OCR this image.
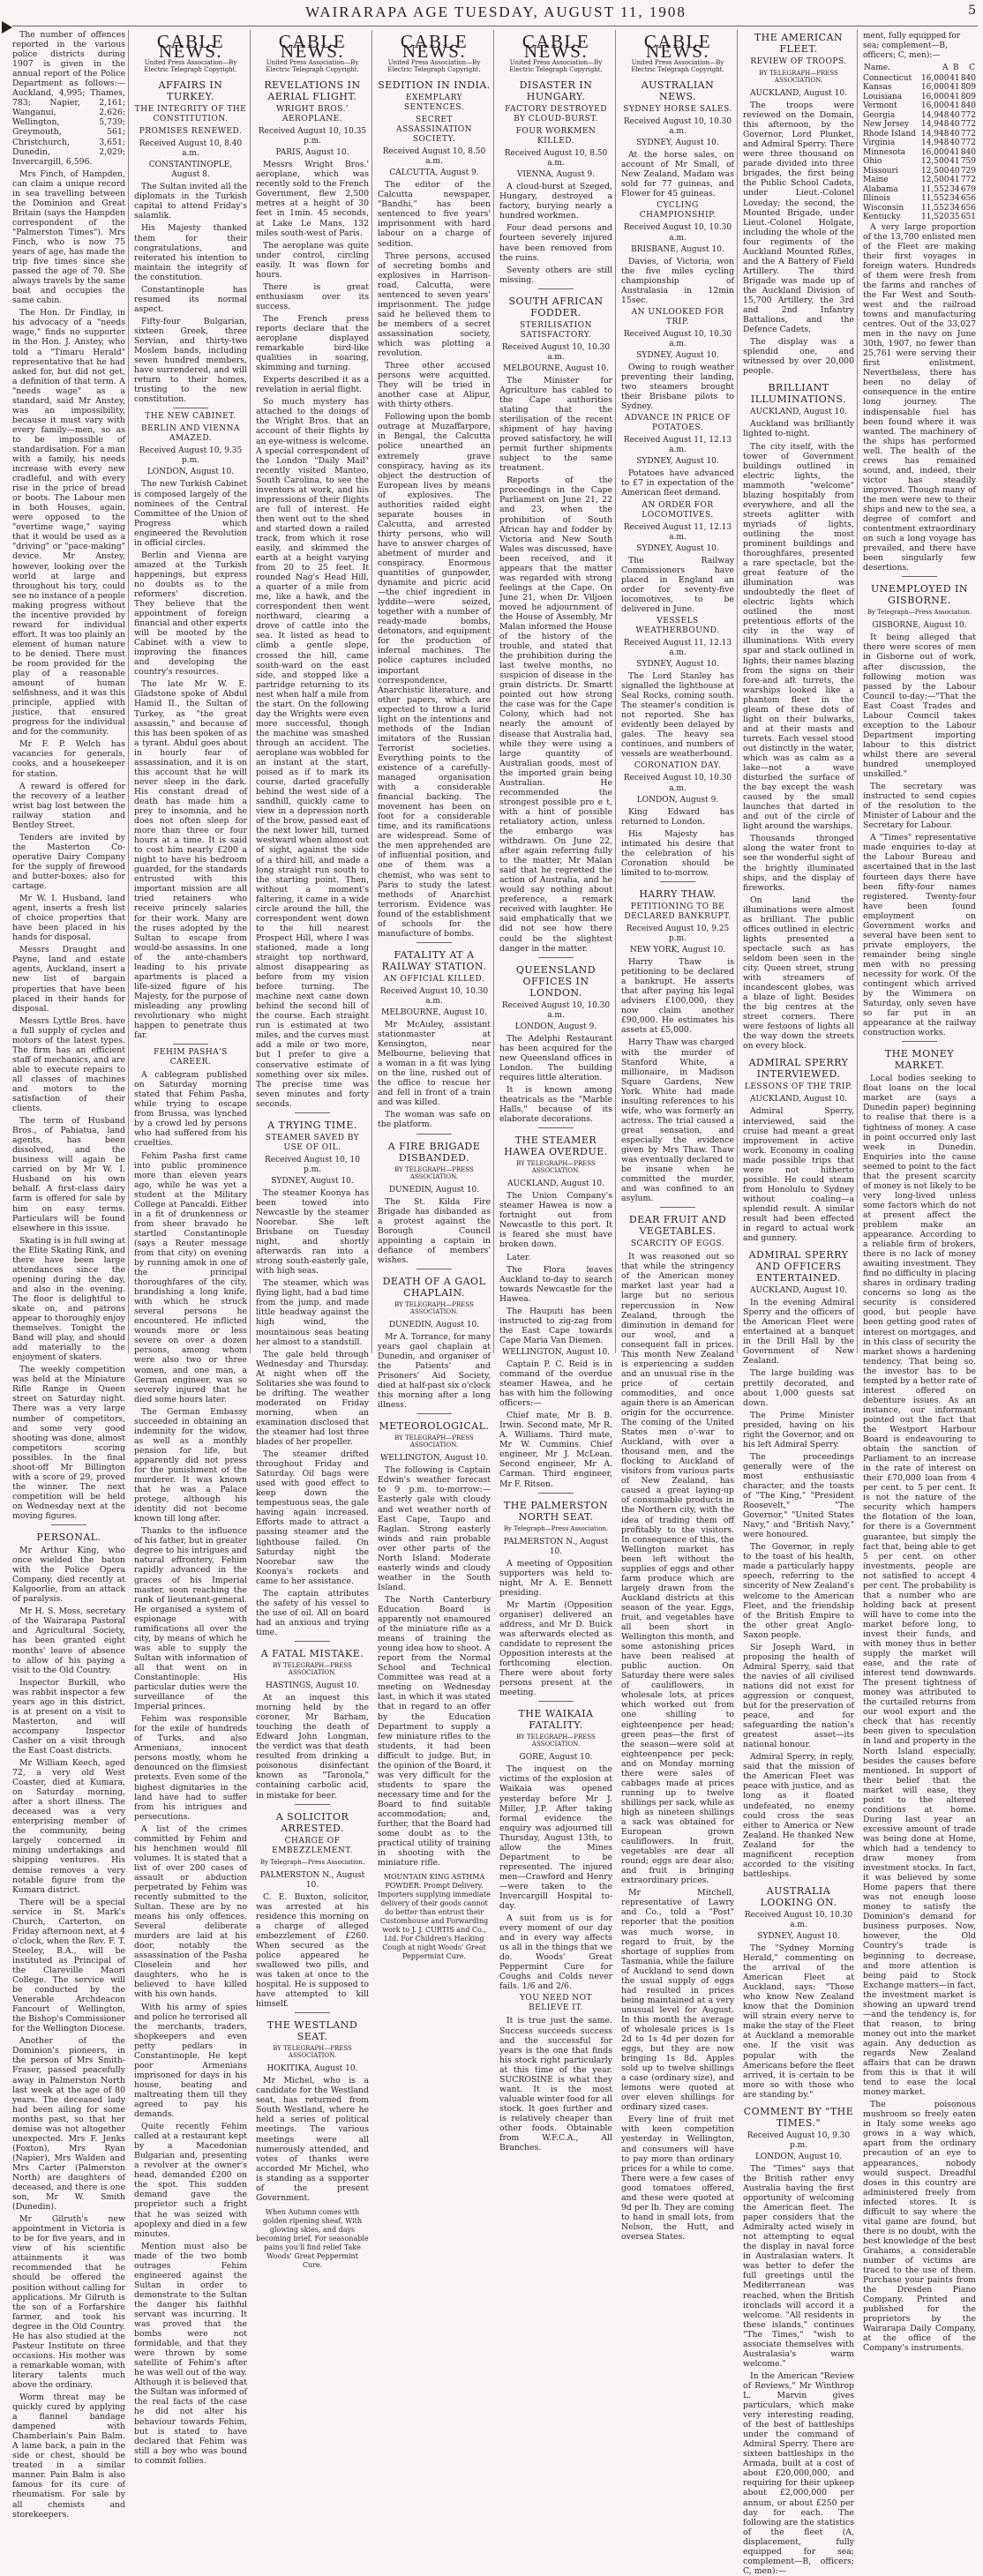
WAIRARAPA AGE TUESDAY, AUGUST 11, 1908	5

The number of offences reported in the various police districts during 1907 is given in the annual report of the Police Department as follows:—Auckland, 4,995; Thames, 783; Napier, 2,161; Wanganui, 2,626; Wellington, 5,739; Greymouth, 561; Christchurch, 3,651; Dunedin, 2,029; Invercargill, 6,596.

Mrs Finch, of Hampden, can claim a unique record in sea travelling between the Dominion and Great Britain (says the Hampden correspondent of the "Palmerston Times"). Mrs Finch, who is now 75 years of age, has made the trip five times since she passed the age of 70. She always travels by the same boat and occupies the same cabin.

The Hon. Dr Findlay, in his advocacy of a "needs wage," finds no supporter in the Hon. J. Anstey, who told a "Timaru Herald" representative that he had asked for, but did not get, a definition of that term. A "needs wage" as a standard, said Mr Anstey, was an impossibility, because it must vary with every family—men, so as to be impossible of standardisation. For a man with a family, his needs increase with every new cradleful, and with every rise in the price of bread or boots. The Labour men in both Houses, again, were opposed to the "overtime wage," saying that it would be used as a "driving" or "pace-making" device. Mr Anstey, however, looking over the world at large and throughout his tory, could see no instance of a people making progress without the incentive provided by reward for individual effort. It was too plainly an element of human nature to be denied. There must be room provided for the play of a reasonable amount of human selfishness, and it was this principle, applied with justice, that ensured progress for the individual and for the community.

Mr F. P. Welch has vacancies for generals, cooks, and a housekeeper for station.

A reward is offered for the recovery of a leather wrist bag lost between the railway station and Bentley Street.

Tenders are invited by the Masterton Co-operative Dairy Company for the supply of firewood and butter-boxes; also for cartage.

Mr W. I. Husband, land agent, inserts a fresh list of choice properties that have been placed in his hands for disposal.

Messrs Draught and Payne, land and estate agents, Auckland, insert a new list of bargain properties that have been placed in their hands for disposal.

Messrs Lyttle Bros. have a full supply of cycles and motors of the latest types. The firm has an efficient staff of mechanics, and are able to execute repairs to all classes of machines and motors to the satisfaction of their clients.

The term of Husband Bros., of Pahiatua, land agents, has been dissolved, and the business will again be carried on by Mr W. I. Husband on his own behalf. A first-class dairy farm is offered for sale by him on easy terms. Particulars will be found elsewhere in this issue.

Skating is in full swing at the Elite Skating Rink, and there have been large attendances since the opening during the day, and also in the evening. The floor is delightful to skate on, and patrons appear to thoroughly enjoy themselves. Tonight the Band will play, and should add materially to the enjoyment of skaters.

The weekly competition was held at the Miniature Rifle Range in Queen street on Saturday night. There was a very large number of competitors, and some very good shooting was done, almost competitors scoring possibles. In the final shoot-off Mr Billington with a score of 29, proved the winner. The next competition will be held on Wednesday next at the moving figures.

PERSONAL.

Mr Arthur King, who once wielded the baton with the Police Opera Company, died recently at Kalgoorlie, from an attack of paralysis.

Mr H. S. Moss, secretary of the Wairarapa Pastoral and Agricultural Society, has been granted eight months' leave of absence to allow of his paying a visit to the Old Country.

Inspector Burkill, who was rabbit inspector a few years ago in this district, is at present on a visit to Masterton, and will accompany Inspector Casher on a visit through the East Coast districts.

Mr William Keech, aged 72, a very old West Coaster, died at Kumara, on Saturday morning, after a short illness. The deceased was a very enterprising member of the community, being largely concerned in mining undertakings and shipping ventures. His demise removes a very notable figure from the Kumara district.

There will be a special service in St. Mark's Church, Carterton, on Friday afternoon next, at 4 o'clock, when the Rev. F. T. Steeley, B.A., will be instituted as Principal of the Clareville Maori College. The service will be conducted by the Venerable Archdeacon Fancourt of Wellington, the Bishop's Commissioner for the Wellington Diocese.

Another of the Dominion's pioneers, in the person of Mrs Smith-Fraser, passed peacefully away in Palmerston North last week at the age of 80 years. The deceased lady had been ailing for some months past, so that her demise was not altogether unexpected. Mrs F. Jenks (Foxton), Mrs Ryan (Napier), Mrs Walden and Mrs Carter (Palmerston North) are daughters of deceased, and there is one son, Mr W. Smith (Dunedin).

Mr Gilruth's new appointment in Victoria is to be for five years, and in view of his scientific attainments it was recommended that he should be offered the position without calling for applications. Mr Gilruth is the son of a Forfarshire farmer, and took his degree in the Old Country. He has also studied at the Pasteur Institute on three occasions. His mother was a remarkable woman, with literary talents much above the ordinary.

Worm threat may be quickly cured by applying a flannel bandage dampened with Chamberlain's Pain Balm. A lame back, a pain in the side or chest, should be treated in a similar manner. Pain Balm is also famous for its cure of rheumatism. For sale by all chemists and storekeepers.

CABLE NEWS.
United Press Association—By Electric Telegraph Copyright.
AFFAIRS IN TURKEY.
THE INTEGRITY OF THE CONSTITUTION.
PROMISES RENEWED.
Received August 10, 8.40 a.m.
CONSTANTINOPLE, August 8.

The Sultan invited all the diplomats in the Turkish capital to attend Friday's salamlik.

His Majesty thanked them for their congratulations, and reiterated his intention to maintain the integrity of the constitution.

Constantinople has resumed its normal aspect.

Fifty-four Bulgarian, sixteen Greek, three Servian, and thirty-two Moslem bands, including seven hundred members, have surrendered, and will return to their homes, trusting to the new constitution.

THE NEW CABINET.
BERLIN AND VIENNA AMAZED.
Received August 10, 9.35 p.m.
LONDON, August 10.

The new Turkish Cabinet is composed largely of the nominees of the Central Committee of the Union of Progress which engineered the Revolution in official circles.

Berlin and Vienna are amazed at the Turkish happenings, but express no doubts as to the reformers' discretion. They believe that the appointment of foreign financial and other experts will be mooted by the Cabinet with a view to improving the finances and developing the country's resources.

The late Mr W. E. Gladstone spoke of Abdul Hamid II., the Sultan of Turkey, as "the great assassin," and because of this has been spoken of as a tyrant. Abdul goes about in hourly fear of assassination, and it is on this account that he will never sleep in the dark. His constant dread of death has made him a prey to insomnia, and he does not often sleep for more than three or four hours at a time. It is said to cost him nearly £200 a night to have his bedroom guarded, for the standards entrusted with this important mission are all tried retainers who receive princely salaries for their work. Many are the ruses adopted by the Sultan to escape from would-be assassins. In one of the ante-chambers leading to his private apartments is placed a life-sized figure of his Majesty, for the purpose of misleading any prowling revolutionary who might happen to penetrate thus far.

FEHIM PASHA'S CAREER.

A cablegram published on Saturday morning stated that Fehim Pasha, while trying to escape from Brussa, was lynched by a crowd led by persons who had suffered from his cruelties.

Fehim Pasha first came into public prominence more than eleven years ago, while he was yet a student at the Military College at Pancaldi. Either in a fit of drunkenness or from sheer bravado he startled Constantinople (says a Reuter message from that city) on evening by running amok in one of the principal thoroughfares of the city, brandishing a long knife, with which he struck several persons he encountered. He inflicted wounds more or less severe on over a dozen persons, among whom were also two or three women, and one man, a German engineer, was so severely injured that he died some hours later.

The German Embassy succeeded in obtaining an indemnity for the widow, as well as a monthly pension for life, but apparently did not press for the punishment of the murderer. It was known that he was a Palace protege, although his identity did not become known till long after.

Thanks to the influence of his father, but in greater degree to his intrigues and natural effrontery, Fehim rapidly advanced in the graces of his Imperial master, soon reaching the rank of lieutenant-general. He organised a system of espionage with ramifications all over the city, by means of which he was able to supply the Sultan with information of all that went on in Constantinople. His particular duties were the surveillance of the Imperial princes.

Fehim was responsible for the exile of hundreds of Turks, and also Armenians, innocent persons mostly, whom he denounced on the flimsiest pretexts. Even some of the highest dignitaries in the land have had to suffer from his intrigues and persecutions.

A list of the crimes committed by Fehim and his henchmen would fill volumes. It is stated that a list of over 200 cases of assault or abduction perpetrated by Fehim was recently submitted to the Sultan. These are by no means his only offences. Several deliberate murders are laid at his door, notably the assassination of the Pasha Closelein and her daughters, who he is believed to have killed with his own hands.

With his army of spies and police he terrorised all the merchants, traders, shopkeepers and even petty pedlars in Constantinople. He kept poor Armenians imprisoned for days in his house, beating and maltreating them till they agreed to pay his demands.

Quite recently Fehim called at a restaurant kept by a Macedonian Bulgarian and, presenting a revolver at the owner's head, demanded £200 on the spot. This sudden demand gave the proprietor such a fright that he was seized with apoplexy and died in a few minutes.

Mention must also be made of the two bomb outrages Fehim engineered against the Sultan in order to demonstrate to the Sultan the danger his faithful servant was incurring. It was proved that the bombs were not formidable, and that they were thrown by some satellite of Fehim's after he was well out of the way. Although it is believed that the Sultan was informed of the real facts of the case he did not alter his behaviour towards Fehim, but is stated to have declared that Fehim was still a boy who was bound to commit follies.

CABLE NEWS.
United Press Association—By Electric Telegraph Copyright.
REVELATIONS IN AERIAL FLIGHT.
WRIGHT BROS.' AEROPLANE.
Received August 10, 10.35 p.m.
PARIS, August 10.

Messrs Wright Bros.' aeroplane, which was recently sold to the French Government, flew 2,500 metres at a height of 30 feet in 1min. 45 seconds, at Lake Le Mans, 132 miles south-west of Paris.

The aeroplane was quite under control, circling easily. It was flown for hours.

There is great enthusiasm over its success.

The French press reports declare that the aeroplane displayed remarkable bird-like qualities in soaring, skimming and turning.

Experts described it as a revelation in aerial flight.

So much mystery has attached to the doings of the Wright Bros. that an account of their flights by an eye-witness is welcome. A special correspondent of the London "Daily Mail" recently visited Manteo, South Carolina, to see the inventors at work, and his impressions of their flights are full of interest. He then went out to the shed and started down a railed track, from which it rose easily, and skimmed the earth at a height varying from 20 to 25 feet. It rounded Nag's Head Hill, a quarter of a mile from me, like a hawk, and the correspondent then went northward, clearing a drove of cattle into the sea. It listed as head to climb a gentle slope, crossed the hill, came south-ward on the east side, and stopped like a partridge returning to its nest when half a mile from the start. On the following day the Wrights were even more successful, though the machine was smashed through an accident. The aeroplane was wobbled for an instant at the start, poised as if to mark its course, darted gracefully behind the west side of a sandhill, quickly came to view in a depression north of the brow, passed east of the next lower hill, turned westward when almost out of sight, against the side of a third hill, and made a long straight run south to the starting point. Then, without a moment's faltering, it came in a wide circle around the hill, the correspondent went down to the hill nearest Prospect Hill, where I was stationed, made a long straight top northward, almost disappearing as before from my vision before turning. The machine next came down behind the second hill of the course. Each straight run is estimated at two miles, and the curves must add a mile or two more, but I prefer to give a conservative estimate of something over six miles. The precise time was seven minutes and forty seconds.

A TRYING TIME.
STEAMER SAVED BY USE OF OIL.
Received August 10, 10 p.m.
SYDNEY, August 10.

The steamer Koonya has been towed into Newcastle by the steamer Noorebar. She left Brisbane on Tuesday night, and shortly afterwards ran into a strong south-easterly gale, with high seas.

The steamer, which was flying light, had a bad time from the jump, and made little headway against the high wind, the mountainous seas beating her almost to a standstill.

The gale held through Wednesday and Thursday. At night when off the Solitaries she was found to be drifting. The weather moderated on Friday morning, when an examination disclosed that the steamer had lost three blades of her propeller.

The steamer drifted throughout Friday and Saturday. Oil bags were used with good effect to keep down the tempestuous seas, the gale having again increased. Efforts made to attract a passing steamer and the lighthouse failed. On Saturday night the Noorebar saw the Koonya's rockets and came to her assistance.

The captain attributes the safety of his vessel to the use of oil. All on board had an anxious and trying time.

A FATAL MISTAKE.
BY TELEGRAPH—PRESS ASSOCIATION.
HASTINGS, August 10.

At an inquest this morning held by the coroner, Mr Barham, touching the death of Edward John Longman, the verdict was that death resulted from drinking a poisonous disinfectant known as "Taronola," containing carbolic acid, in mistake for beer.

A SOLICITOR ARRESTED.
CHARGE OF EMBEZZLEMENT.
By Telegraph—Press Association.
PALMERSTON N., August 10.

C. E. Buxton, solicitor, was arrested at his residence this morning on a charge of alleged embezzlement of £260. When secured as the police appeared he swallowed two pills, and was taken at once to the hospital. He is supposed to have attempted to kill himself.

THE WESTLAND SEAT.
BY TELEGRAPH—PRESS ASSOCIATION.
HOKITIKA, August 10.

Mr Michel, who is a candidate for the Westland seat, has returned from South Westland, where he held a series of political meetings. The various meetings were all numerously attended, and votes of thanks were accorded Mr Michel, who is standing as a supporter of the present Government.

When Autumn comes with golden ripening sheaf, With glowing skies, and days becoming brief, For seasonable pains you'll find relief Take Woods' Great Peppermint Cure.
CABLE NEWS.
United Press Association—By Electric Telegraph Copyright.
SEDITION IN INDIA.
EXEMPLARY SENTENCES.
SECRET ASSASSINATION SOCIETY.
Received August 10, 8.50 a.m.
CALCUTTA, August 9.

The editor of the Calcutta newspaper, "Bandhi," has been sentenced to five years' imprisonment with hard labour on a charge of sedition.

Three persons, accused of secreting bombs and explosives in Harrison-road, Calcutta, were sentenced to seven years' imprisonment. The judge said he believed them to be members of a secret assassination society, which was plotting a revolution.

Three other accused persons were acquitted. They will be tried in another case at Alipur, with thirty others.

Following upon the bomb outrage at Muzaffarpore, in Bengal, the Calcutta police unearthed an extremely grave conspiracy, having as its object the destruction of European lives by means of explosives. The authorities raided eight separate houses in Calcutta, and arrested thirty persons, who will have to answer charges of abetment of murder and conspiracy. Enormous quantities of gunpowder, dynamite and picric acid —the chief ingredient in lyddite—were seized, together with a number of ready-made bombs, detonators, and equipment for the production of infernal machines. The police captures included important correspondence, Anarchistic literature, and other papers, which are expected to throw a lurid light on the intentions and methods of the Indian imitators of the Russian Terrorist societies. Everything points to the existence of a carefully-managed organisation with a considerable financial backing. The movement has been on foot for a considerable time, and its ramifications are widespread. Some of the men apprehended are of influential position, and one of them was a chemist, who was sent to Paris to study the latest methods of Anarchist terrorism. Evidence was found of the establishment of schools for the manufacture of bombs.

FATALITY AT A RAILWAY STATION.
AN OFFICIAL KILLED.
Received August 10, 10.30 a.m.
MELBOURNE, August 10.

Mr McAuley, assistant stationmaster at Kensington, near Melbourne, believing that a woman in a fit was lying on the line, rushed out of the office to rescue her and fell in front of a train and was killed.

The woman was safe on the platform.

A FIRE BRIGADE DISBANDED.
BY TELEGRAPH—PRESS ASSOCIATION.
DUNEDIN, August 10.

The St. Kilda Fire Brigade has disbanded as a protest against the Borough Council appointing a captain in defiance of members' wishes.

DEATH OF A GAOL CHAPLAIN.
BY TELEGRAPH—PRESS ASSOCIATION.
DUNEDIN, August 10.

Mr A. Torrance, for many years gaol chaplain at Dunedin, and organiser of the Patients' and Prisoners' Aid Society, died at half-past six o'clock this morning after a long illness.

METEOROLOGICAL.
BY TELEGRAPH—PRESS ASSOCIATION.
WELLINGTON, August 10.

The following is Captain Edwin's weather forecast to 9 p.m. to-morrow:—Easterly gale with cloudy and wet weather north of East Cape, Taupo and Raglan. Strong easterly winds and rain probable over other parts of the North Island. Moderate easterly winds and cloudy weather in the South Island.

The North Canterbury Education Board is apparently not enamoured of the miniature rifle as a means of training the young idea how to shoot. A report from the Normal School and Technical Committee was read at a meeting on Wednesday last, in which it was stated that in regard to an offer by the Education Department to supply a few miniature rifles to the students, it had been difficult to judge. But, in the opinion of the Board, it was very difficult for the students to spare the necessary time and for the Board to find suitable accommodation; and, further, that the Board had some doubt as to the practical utility of training in shooting with the miniature rifle.

MOUNTAIN KING ASTHMA POWDER. Prompt Delivery. Importers supplying immediate delivery of their goods cannot do better than entrust their Customhouse and Forwarding work to J. J. CURTIS and Co., Ltd. For Children's Hacking Cough at night Woods' Great Peppermint Cure.
CABLE NEWS.
United Press Association—By Electric Telegraph Copyright.
DISASTER IN HUNGARY.
FACTORY DESTROYED BY CLOUD-BURST.
FOUR WORKMEN KILLED.
Received August 10, 8.50 a.m.
VIENNA, August 9.

A cloud-burst at Szeged, Hungary, destroyed a factory, burying nearly a hundred workmen.

Four dead persons and fourteen severely injured have been removed from the ruins.

Seventy others are still missing.

SOUTH AFRICAN FODDER.
STERILISATION SATISFACTORY.
Received August 10, 10.30 a.m.
MELBOURNE, August 10.

The Minister for Agriculture has cabled to the Cape authorities stating that the sterilisation of the recent shipment of hay having proved satisfactory, he will permit further shipments subject to the same treatment.

Reports of the proceedings in the Cape Parliament on June 21, 22 and 23, when the prohibition of South African hay and fodder by Victoria and New South Wales was discussed, have been received, and it appears that the matter was regarded with strong feelings at the Cape. On June 21, when Dr. Viljoen moved he adjournment of the House of Assembly, Mr Malan informed the House of the history of the trouble, and stated that the prohibition during the last twelve months, no suspicion of disease in the grain districts. Dr. Smartt pointed out how strong the case was for the Cape Colony, which had not nearly the amount of disease that Australia had, while they were using a large quantity of Australian goods, most of the imported grain being Australian. He recommended the strongest possible pro e t, with a hint of possible retaliatory action, unless the embargo was withdrawn. On June 22, after again referring fully to the matter, Mr Malan said that he regretted the action of Australia, and he would say nothing about preference, a remark received with laughter. He said emphatically that we did not see how there could be the slightest danger in the matter.

QUEENSLAND OFFICES IN LONDON.
Received August 10, 10.30 a.m.
LONDON, August 9.

The Adelphi Restaurant has been acquired for the new Queensland offices in London. The building requires little alteration.

It is known among theatricals as the "Marble Halls," because of its elaborate decorations.

THE STEAMER HAWEA OVERDUE.
BY TELEGRAPH—PRESS ASSOCIATION.
AUCKLAND, August 10.

The Union Company's steamer Hawea is now a fortnight out from Newcastle to this port. It is feared she must have broken down.

Later.

The Flora leaves Auckland to-day to search towards Newcastle for the Hawea.

The Hauputi has been instructed to zig-zag from the East Cape towards Cape Maria Van Diemen.

WELLINGTON, August 10.

Captain P. C. Reid is in command of the overdue steamer Hawea, and he has with him the following officers:—

Chief mate, Mr B. B. Irwin. Second mate, Mr R. A. Williams. Third mate, Mr W. Cummins. Chief engineer, Mr J. McLean. Second engineer, Mr A. Carman. Third engineer, Mr F. Ritson.

THE PALMERSTON NORTH SEAT.
By Telegraph—Press Association.
PALMERSTON N., August 10.

A meeting of Opposition supporters was held to-night, Mr A. E. Bennett presiding.

Mr Martin (Opposition organiser) delivered an address, and Mr D. Buick was afterwards elected as candidate to represent the Opposition interests at the forthcoming election. There were about forty persons present at the meeting.

THE WAIKAIA FATALITY.
BY TELEGRAPH—PRESS ASSOCIATION.
GORE, August 10.

The inquest on the victims of the explosion at Waikaia was opened yesterday before Mr J. Miller, J.P. After taking formal evidence the enquiry was adjourned till Thursday, August 13th, to allow the Mines Department to be represented. The injured men—Crawford and Henry—were taken to the Invercargill Hospital to-day.

A suit from us is for every moment of our day and in every way affects us all in the things that we do. Woods' Great Peppermint Cure for Coughs and Colds never fails. 1/6 and 2/6.

YOU NEED NOT BELIEVE IT.

It is true just the same. Success succeeds success and the successful for years is the one that finds his stock right particularly at this time of the year. SUCROSINE is what they want. It is the most valuable winter food for all stock. It goes further and is relatively cheaper than other foods. Obtainable from W.F.C.A., All Branches.

CABLE NEWS.
United Press Association—By Electric Telegraph Copyright.
AUSTRALIAN NEWS.
SYDNEY HORSE SALES.
Received August 10, 10.30 a.m.
SYDNEY, August 10.

At the horse sales, on account of Mr Small, of New Zealand, Madam was sold for 77 guineas, and Flower for 45 guineas.

CYCLING CHAMPIONSHIP.
Received August 10, 10.30 a.m.
BRISBANE, August 10.

Davies, of Victoria, won the five miles cycling championship of Australasia in 12min 15sec.

AN UNLOOKED FOR TRIP.
Received August 10, 10.30 a.m.
SYDNEY, August 10.

Owing to rough weather preventing their landing, two steamers brought their Brisbane pilots to Sydney.

ADVANCE IN PRICE OF POTATOES.
Received August 11, 12.13 a.m.
SYDNEY, August 10.

Potatoes have advanced to £7 in expectation of the American fleet demand.

AN ORDER FOR LOCOMOTIVES.
Received August 11, 12.13 a.m.
SYDNEY, August 10.

The Railway Commissioners have placed in England an order for seventy-five locomotives, to be delivered in June.

VESSELS WEATHERBOUND.
Received August 11, 12.13 a.m.
SYDNEY, August 10.

The Lord Stanley has signalled the lighthouse at Seal Rocks, coming south. The steamer's condition is not reported. She has evidently been delayed by gales. The heavy sea continues, and numbers of vessels are weatherbound.

CORONATION DAY.
Received August 10, 10.30 a.m.
LONDON, August 9.

King Edward has returned to London.

His Majesty has intimated his desire that the celebration of his Coronation should be limited to to-morrow.

HARRY THAW.
PETITIONING TO BE DECLARED BANKRUPT.
Received August 10, 9.25 p.m.
NEW YORK, August 10.

Harry Thaw is petitioning to be declared a bankrupt. He asserts that after paying his legal advisers £100,000, they now claim another £90,000. He estimates his assets at £5,000.

Harry Thaw was charged with the murder of Stanford White, a millionaire, in Madison Square Gardens, New York. White had made insulting references to his wife, who was formerly an actress. The trial caused a great sensation, and especially the evidence given by Mrs Thaw. Thaw was eventually declared to be insane when he committed the murder, and was confined to an asylum.

DEAR FRUIT AND VEGETABLES.
SCARCITY OF EGGS.

It was reasoned out so that while the stringency of the American money market last year had a large but no serious repercussion in New Zealand, through the diminution in demand for our wool, and a consequent fall in prices. This month New Zealand is experiencing a sudden and an unusual rise in the price of certain commodities, and once again there is an American origin for the occurrence. The coming of the United States men o'-war to Auckland, with over a thousand men, and the flocking to Auckland of visitors from various parts of New Zealand, has caused a great laying-up of consumable products in the Northern city, with the idea of trading them off profitably to the visitors. In consequence of this, the Wellington market has been left without the supplies of eggs and other farm produce which are largely drawn from the Auckland districts at this season of the year. Eggs, fruit, and vegetables have all been short in Wellington this month, and some astonishing prices have been realised at public auction. On Saturday there were sales of cauliflowers, in wholesale lots, at prices which worked out from one shilling to eighteenpence per head; green peas—the first of the season—were sold at eighteenpence per peck; and on Monday morning there were sales of cabbages made at prices running up to twelve shillings per sack, while as high as nineteen shillings a sack was obtained for European grown cauliflowers. In fruit, vegetables are dear all round; eggs are dear also; and fruit is bringing extraordinary prices.

Mr Mitchell, representative of Lawry and Co., told a "Post" reporter that the position was much worse, in regard to fruit, by the shortage of supplies from Tasmania, while the failure of Auckland to send down the usual supply of eggs had resulted in prices being maintained at a very unusual level for August. In this month the average of wholesale prices is 1s 2d to 1s 4d per dozen for eggs, but they are now bringing 1s 8d. Apples sold up to twelve shillings a case (ordinary size), and lemons were quoted at over eleven shillings for ordinary sized cases.

Every line of fruit met with keen competition yesterday in Wellington, and consumers will have to pay more than ordinary prices for a while to come. There were a few cases of good tomatoes offered, and these were quoted at 9d per lb. They are coming to hand in small lots, from Nelson, the Hutt, and oversea States.

THE AMERICAN FLEET.
REVIEW OF TROOPS.
BY TELEGRAPH—PRESS ASSOCIATION.
AUCKLAND, August 10.

The troops were reviewed on the Domain, this afternoon, by the Governor, Lord Plunket, and Admiral Sperry. There were three thousand on parade divided into three brigades, the first being the Public School Cadets, under Lieut.-Colonel Loveday; the second, the Mounted Brigade, under Lieut.-Colonel Holgate, including the whole of the four regiments of the Auckland Mounted Rifles, and the A Battery of Field Artillery. The third Brigade was made up of the Auckland Division of 15,700 Artillery, the 3rd and 2nd Infantry Battalions, and the Defence Cadets.

The display was a splendid one, and witnessed by over 20,000 people.

BRILLIANT ILLUMINATIONS.
AUCKLAND, August 10.

Auckland was brilliantly lighted to-night.

The city itself, with the tower of Government buildings outlined in electric lights, the mammoth "welcome" blazing hospitably from everywhere, and all the streets aglitter with myriads of lights, outlining the most prominent buildings and thoroughfares, presented a rare spectacle, but the great feature of the illumination was undoubtedly the fleet of electric lights which outlined the most pretentious efforts of the city in the way of illuminations. With every spar and stack outlined in lights, their names blazing from the signs on their fore-and aft turrets, the warships looked like a phantom fleet in the gleam of these dots of light on their bulwarks, and at their masts and turrets. Each vessel stood out distinctly in the water, which was as calm as a lake—not a wave disturbed the surface of the bay except the wash caused by the small launches that darted in and out of the circle of light around the warships.

Thousands thronged along the water front to see the wonderful sight of the brightly illuminated ships, and the display of fireworks.

On land the illuminations were almost as brilliant. The public offices outlined in electric lights presented a spectacle such as has seldom been seen in the city. Queen street, strung with streamers of incandescent globes, was a blaze of light. Besides the big centres at the street corners. There were festoons of lights all the way down the streets on every block.

ADMIRAL SPERRY INTERVIEWED.
LESSONS OF THE TRIP.
AUCKLAND, August 10.

Admiral Sperry, interviewed, said the cruise had meant a great improvement in active work. Economy in coaling made possible trips that were not hitherto possible. He could steam from Honolulu to Sydney without coaling—a splendid result. A similar result had been effected in regard to actual work and gunnery.

ADMIRAL SPERRY AND OFFICERS ENTERTAINED.
AUCKLAND, August 10.

In the evening Admiral Sperry and the officers of the American Fleet were entertained at a banquet in the Drill Hall by the Government of New Zealand.

The large building was prettily decorated, and about 1,000 guests sat down.

The Prime Minister presided, having on his right the Governor, and on his left Admiral Sperry.

The proceedings generally were of the most enthusiastic character, and the toasts of "The King," "President Roosevelt," "The Governor," "United States Navy," and "British Navy," were honoured.

The Governor, in reply to the toast of his health, made a particularly happy speech, referring to the sincerity of New Zealand's welcome to the American Fleet, and the friendship of the British Empire to the other great Anglo-Saxon people.

Sir Joseph Ward, in proposing the health of Admiral Sperry, said that the navies of all civilised nations did not exist for aggression or conquest, but for the preservation of peace, and for safeguarding the nation's greatest asset—its national honour.

Admiral Sperry, in reply, said that the mission of the American Fleet was peace with justice, and as long as it floated undefeated, no enemy could cross the seas either to America or New Zealand. He thanked New Zealand for the magnificent reception accorded to the visiting battleships.

AUSTRALIA LOOKING ON.
Received August 10, 10.30 a.m.
SYDNEY, August 10.

The "Sydney Morning Herald," commenting on the arrival of the American Fleet at Auckland, says: "Those who know New Zealand know that the Dominion will strain every nerve to make the stay of the Fleet at Auckland a memorable one. If the visit was popular with the Americans before the fleet arrived, it is certain to be more so with those who are standing by."

COMMENT BY "THE TIMES."
Received August 10, 9.30 p.m.
LONDON, August 10.

The "Times" says that the British rather envy Australia having the first opportunity of welcoming the American fleet. The paper considers that the Admiralty acted wisely in not attempting to equal the display in naval force in Australasian waters. It was better to defer the full greetings until the Mediterranean was reached, when the British ironclads will accord it a welcome. "All residents in these islands," continues "The Times," "wish to associate themselves with Australasia's warm welcome."

In the American "Review of Reviews," Mr Winthrop L. Marvin gives particulars, which make very interesting reading, of the best of battleships under the command of Admiral Sperry. There are sixteen battleships in the Armada, built at a cost of about £20,000,000, and requiring for their upkeep about £2,000,000 per annum, or about £250 per day for each. The following are the statistics of the fleet (A, displacement, fully equipped for sea; complement—B, officers; C, men):—

ment, fully equipped for sea; complement—B, officers; C, men):—
Name.	A	B	C
Connecticut	16,000	41	840
Kansas	16,000	41	809
Louisiana	16,000	41	809
Vermont	16,000	41	840
Georgia	14,948	40	772
New Jersey	14,948	40	772
Rhode Island	14,948	40	772
Virginia	14,948	40	772
Minnesota	16,000	41	840
Ohio	12,500	41	759
Missouri	12,500	40	729
Maine	12,500	41	772
Alabama	11,552	34	679
Illinois	11,552	34	656
Wisconsin	11,552	34	656
Kentucky	11,520	35	651

A very large proportion of the 13,700 enlisted men of the Fleet are making their first voyages in foreign waters. Hundreds of them were fresh from the farms and ranches of the Far West and South-west and the railroad towns and manufacturing centres. Out of the 33,027 men in the navy on June 30th, 1907, no fewer than 25,761 were serving their first enlistment. Nevertheless, there has been no delay of consequence in the entire long journey. The indispensable fuel has been found where it was wanted. The machinery of the ships has performed well. The health of the crews has remained sound, and, indeed, their victor has steadily improved. Though many of the men were new to their ships and new to the sea, a degree of comfort and contentment extraordinary on such a long voyage has prevailed, and there have been singularly few desertions.

UNEMPLOYED IN GISBORNE.
By Telegraph—Press Association.
GISBORNE, August 10.

It being alleged that there were scores of men in Gisborne out of work, after discussion, the following motion was passed by the Labour Council to-day:—"That the East Coast Trades and Labour Council takes exception to the Labour Department importing labour to this district whilst there are several hundred unemployed unskilled."

The secretary was instructed to send copies of the resolution to the Minister of Labour and the Secretary for Labour.

A "Times" representative made enquiries to-day at the Labour Bureau and ascertained that in the last fourteen days there have been fifty-four names registered. Twenty-four have been found employment on Government works and several have been sent to private employers, the remainder being single men with no pressing necessity for work. Of the contingent which arrived by the Wimmera on Saturday, only seven have so far put in an appearance at the railway construction works.

THE MONEY MARKET.

Local bodies seeking to float loans on the local market are (says a Dunedin paper) beginning to realise that there is a tightness of money. A case in point occurred only last week in Dunedin. Enquiries into the cause seemed to point to the fact that the present scarcity of money is not likely to be very long-lived unless some factors which do not at present affect the problem make an appearance. According to a reliable firm of brokers, there is no lack of money awaiting investment. They find no difficulty in placing shares in ordinary trading concerns so long as the security is considered good, but people have been getting good rates of interest on mortgages, and in this class of security the market shows a hardening tendency. That being so, the investor has to be tempted by a better rate of interest offered on debenture issues. As an instance, our informant pointed out the fact that the Westport Harbour Board is endeavouring to obtain the sanction of Parliament to an increase in the rate of interest on their £70,000 loan from 4 per cent. to 5 per cent. It is not the nature of the security which hampers the flotation of the loan, for there is a Government guarantee, but simply the fact that, being able to get 5 per cent. on other investments, people are not satisfied to accept 4 per cent. The probability is that a number who are holding back at present will have to come into the market before long, to invest their funds, and with money thus in better supply the market will ease, and the rate of interest tend downwards. The present tightness of money was attributed to the curtailed returns from our wool export and the check that has recently been given to speculation in land and property in the North Island especially, besides the causes before mentioned. In support of their belief that the market will ease, they point to the altered conditions at home. During last year an excessive amount of trade was being done at Home, which had a tendency to draw money from investment stocks. In fact, it was believed by some Home papers that there was not enough loose money to satisfy the Dominion's demand for business purposes. Now, however, the Old Country's trade is beginning to decrease, and more attention is being paid to Stock Exchange matters—in fact, the investment market is showing an upward trend—and the tendency is, for that reason, to bring money out into the market again. Any deduction as regards New Zealand affairs that can be drawn from this is that it will tend to ease the local money market.

The poisonous mushroom so freely eaten in Italy some weeks ago grows in a way which, apart from the ordinary precaution of an eye to appearances, nobody would suspect. Dreadful doses in this country are administered freely from infected stores. It is difficult to say where the vital game are found, but there is no doubt, with the best knowledge of the best Grahams, a considerable number of victims are traced to the use of them. Purchase your paints from the Dresden Piano Company. Printed and published for the proprietors by the Wairarapa Daily Company, at the office of the Company's instruments.
